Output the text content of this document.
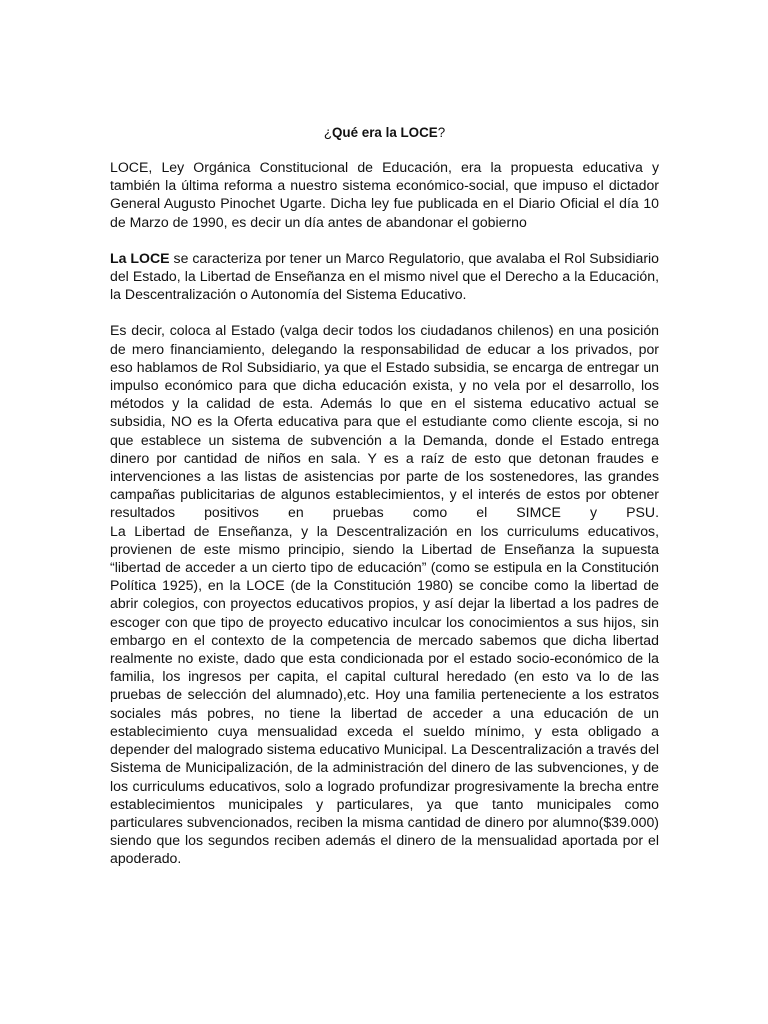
¿Qué era la LOCE?

LOCE, Ley Orgánica Constitucional de Educación, era la propuesta educativa y también la última reforma a nuestro sistema económico-social, que impuso el dictador General Augusto Pinochet Ugarte. Dicha ley fue publicada en el Diario Oficial el día 10 de Marzo de 1990, es decir un día antes de abandonar el gobierno

La LOCE se caracteriza por tener un Marco Regulatorio, que avalaba el Rol Subsidiario del Estado, la Libertad de Enseñanza en el mismo nivel que el Derecho a la Educación, la Descentralización o Autonomía del Sistema Educativo.

Es decir, coloca al Estado (valga decir todos los ciudadanos chilenos) en una posición de mero financiamiento, delegando la responsabilidad de educar a los privados, por eso hablamos de Rol Subsidiario, ya que el Estado subsidia, se encarga de entregar un impulso económico para que dicha educación exista, y no vela por el desarrollo, los métodos y la calidad de esta. Además lo que en el sistema educativo actual se subsidia, NO es la Oferta educativa para que el estudiante como cliente escoja, si no que establece un sistema de subvención a la Demanda, donde el Estado entrega dinero por cantidad de niños en sala. Y es a raíz de esto que detonan fraudes e intervenciones a las listas de asistencias por parte de los sostenedores, las grandes campañas publicitarias de algunos establecimientos, y el interés de estos por obtener resultados positivos en pruebas como el SIMCE y PSU.
La Libertad de Enseñanza, y la Descentralización en los curriculums educativos, provienen de este mismo principio, siendo la Libertad de Enseñanza la supuesta “libertad de acceder a un cierto tipo de educación” (como se estipula en la Constitución Política 1925), en la LOCE (de la Constitución 1980) se concibe como la libertad de abrir colegios, con proyectos educativos propios, y así dejar la libertad a los padres de escoger con que tipo de proyecto educativo inculcar los conocimientos a sus hijos, sin embargo en el contexto de la competencia de mercado sabemos que dicha libertad realmente no existe, dado que esta condicionada por el estado socio-económico de la familia, los ingresos per capita, el capital cultural heredado (en esto va lo de las pruebas de selección del alumnado),etc. Hoy una familia perteneciente a los estratos sociales más pobres, no tiene la libertad de acceder a una educación de un establecimiento cuya mensualidad exceda el sueldo mínimo, y esta obligado a depender del malogrado sistema educativo Municipal. La Descentralización a través del Sistema de Municipalización, de la administración del dinero de las subvenciones, y de los curriculums educativos, solo a logrado profundizar progresivamente la brecha entre establecimientos municipales y particulares, ya que tanto municipales como particulares subvencionados, reciben la misma cantidad de dinero por alumno($39.000) siendo que los segundos reciben además el dinero de la mensualidad aportada por el apoderado.
